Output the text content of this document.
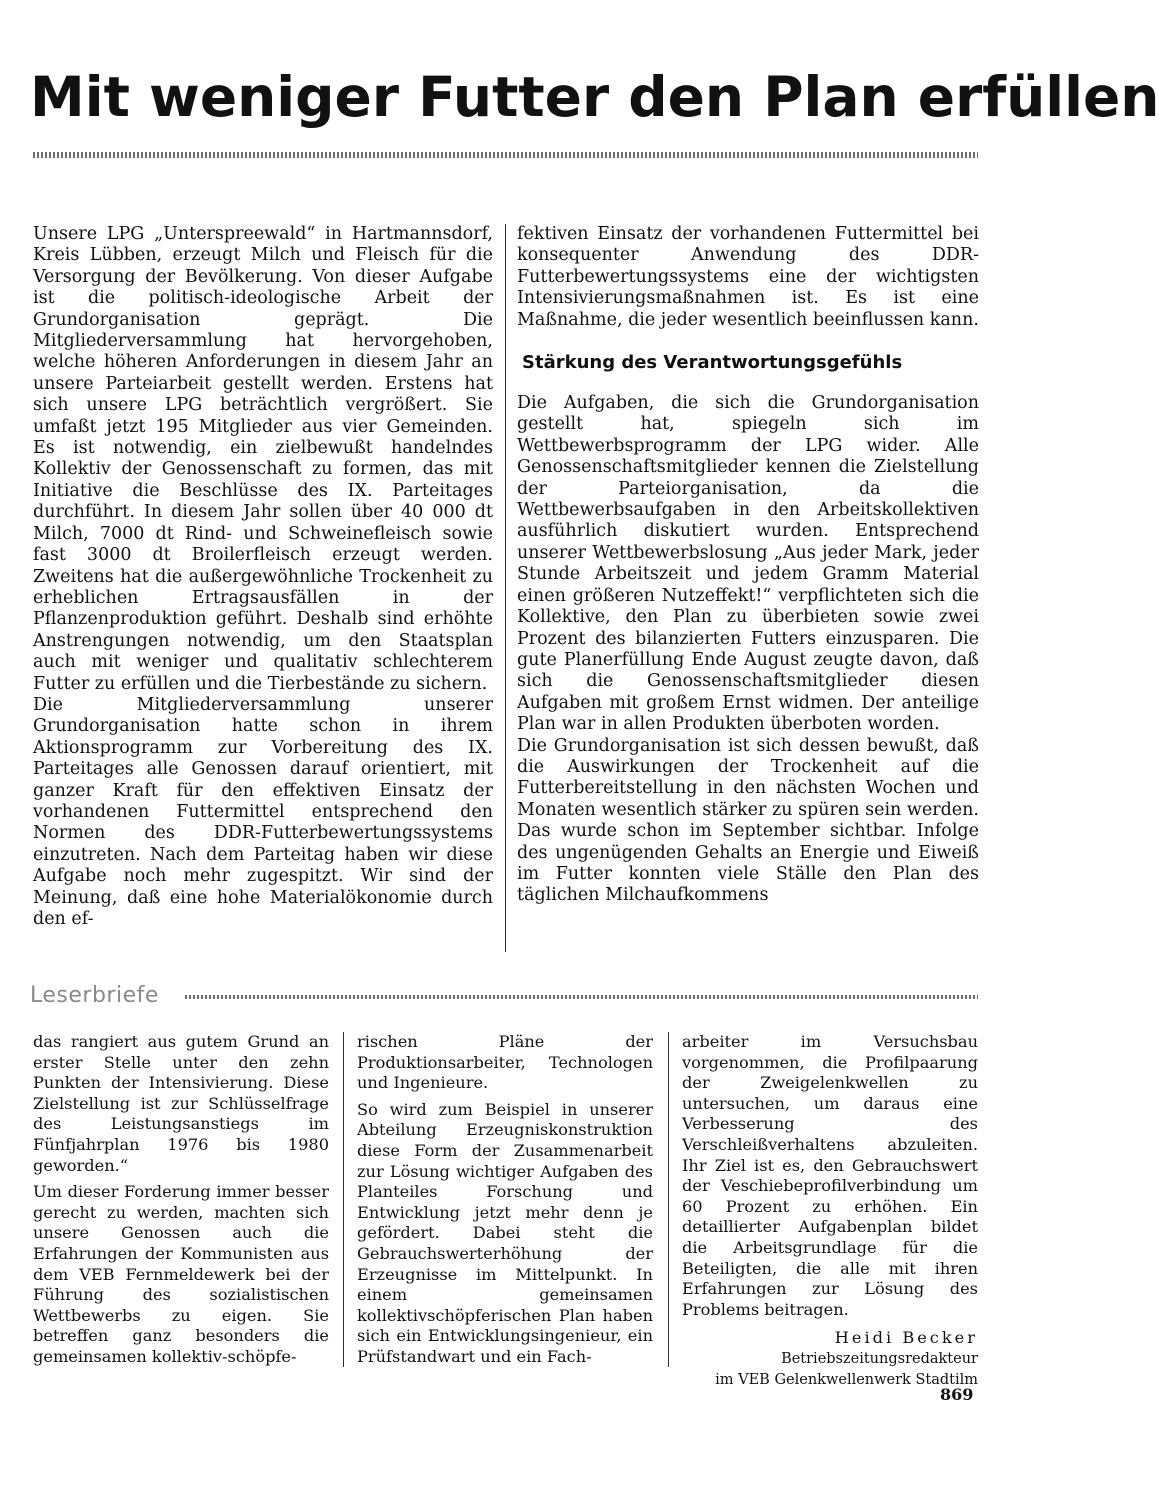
Mit weniger Futter den Plan erfüllen

Unsere LPG „Unterspreewald“ in Hartmannsdorf, Kreis Lübben, erzeugt Milch und Fleisch für die Versorgung der Bevölkerung. Von dieser Aufgabe ist die politisch-ideologische Arbeit der Grundorganisation geprägt. Die Mitgliederversammlung hat hervorgehoben, welche höheren Anforderungen in diesem Jahr an unsere Parteiarbeit gestellt werden. Erstens hat sich unsere LPG beträchtlich vergrößert. Sie umfaßt jetzt 195 Mitglieder aus vier Gemeinden. Es ist notwendig, ein zielbewußt handelndes Kollektiv der Genossenschaft zu formen, das mit Initiative die Beschlüsse des IX. Parteitages durchführt. In diesem Jahr sollen über 40 000 dt Milch, 7000 dt Rind- und Schweinefleisch sowie fast 3000 dt Broilerfleisch erzeugt werden. Zweitens hat die außergewöhnliche Trockenheit zu erheblichen Ertragsausfällen in der Pflanzenproduktion geführt. Deshalb sind erhöhte Anstrengungen notwendig, um den Staatsplan auch mit weniger und qualitativ schlechterem Futter zu erfüllen und die Tierbestände zu sichern.

Die Mitgliederversammlung unserer Grundorganisation hatte schon in ihrem Aktionsprogramm zur Vorbereitung des IX. Parteitages alle Genossen darauf orientiert, mit ganzer Kraft für den effektiven Einsatz der vorhandenen Futtermittel entsprechend den Normen des DDR-Futterbewertungssystems einzutreten. Nach dem Parteitag haben wir diese Aufgabe noch mehr zugespitzt. Wir sind der Meinung, daß eine hohe Materialökonomie durch den ef-

fektiven Einsatz der vorhandenen Futtermittel bei konsequenter Anwendung des DDR-Futterbewertungssystems eine der wichtigsten Intensivierungsmaßnahmen ist. Es ist eine Maßnahme, die jeder wesentlich beeinflussen kann.

Stärkung des Verantwortungsgefühls

Die Aufgaben, die sich die Grundorganisation gestellt hat, spiegeln sich im Wettbewerbsprogramm der LPG wider. Alle Genossenschaftsmitglieder kennen die Zielstellung der Parteiorganisation, da die Wettbewerbsaufgaben in den Arbeitskollektiven ausführlich diskutiert wurden. Entsprechend unserer Wettbewerbslosung „Aus jeder Mark, jeder Stunde Arbeitszeit und jedem Gramm Material einen größeren Nutzeffekt!“ verpflichteten sich die Kollektive, den Plan zu überbieten sowie zwei Prozent des bilanzierten Futters einzusparen. Die gute Planerfüllung Ende August zeugte davon, daß sich die Genossenschaftsmitglieder diesen Aufgaben mit großem Ernst widmen. Der anteilige Plan war in allen Produkten überboten worden.

Die Grundorganisation ist sich dessen bewußt, daß die Auswirkungen der Trockenheit auf die Futterbereitstellung in den nächsten Wochen und Monaten wesentlich stärker zu spüren sein werden. Das wurde schon im September sichtbar. Infolge des ungenügenden Gehalts an Energie und Eiweiß im Futter konnten viele Ställe den Plan des täglichen Milchaufkommens

Leserbriefe

das rangiert aus gutem Grund an erster Stelle unter den zehn Punkten der Intensivierung. Diese Zielstellung ist zur Schlüsselfrage des Leistungsanstiegs im Fünfjahrplan 1976 bis 1980 geworden.“

Um dieser Forderung immer besser gerecht zu werden, machten sich unsere Genossen auch die Erfahrungen der Kommunisten aus dem VEB Fernmeldewerk bei der Führung des sozialistischen Wettbewerbs zu eigen. Sie betreffen ganz besonders die gemeinsamen kollektiv-schöpfe-

rischen Pläne der Produktionsarbeiter, Technologen und Ingenieure.

So wird zum Beispiel in unserer Abteilung Erzeugniskonstruktion diese Form der Zusammenarbeit zur Lösung wichtiger Aufgaben des Planteiles Forschung und Entwicklung jetzt mehr denn je gefördert. Dabei steht die Gebrauchswerterhöhung der Erzeugnisse im Mittelpunkt. In einem gemeinsamen kollektivschöpferischen Plan haben sich ein Entwicklungsingenieur, ein Prüfstandwart und ein Fach-

arbeiter im Versuchsbau vorgenommen, die Profilpaarung der Zweigelenkwellen zu untersuchen, um daraus eine Verbesserung des Verschleißverhaltens abzuleiten. Ihr Ziel ist es, den Gebrauchswert der Veschiebeprofilverbindung um 60 Prozent zu erhöhen. Ein detaillierter Aufgabenplan bildet die Arbeitsgrundlage für die Beteiligten, die alle mit ihren Erfahrungen zur Lösung des Problems beitragen.

Heidi Becker
Betriebszeitungsredakteur
im VEB Gelenkwellenwerk Stadtilm

869
